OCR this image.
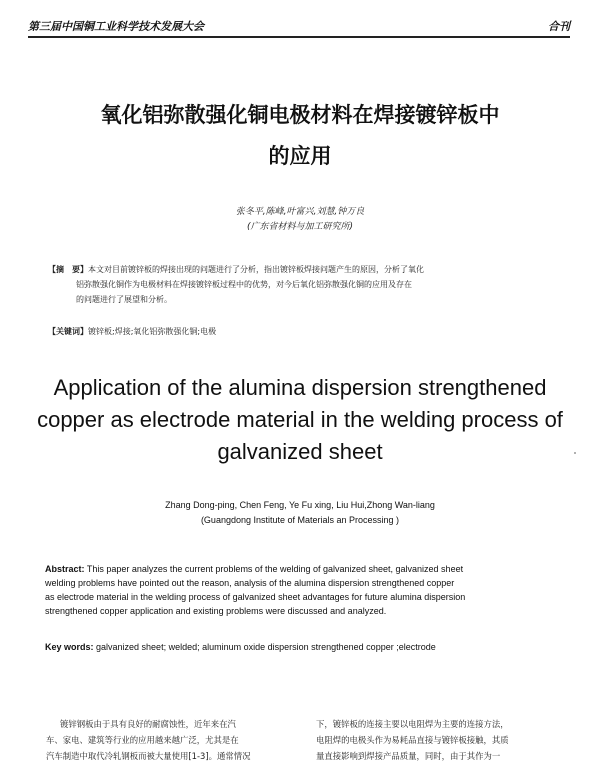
第三届中国铜工业科学技术发展大会	合刊
氧化铝弥散强化铜电极材料在焊接镀锌板中
的应用
张冬平,陈峰,叶富兴,刘慧,钟万良
(广东省材料与加工研究所)
【摘　要】本文对目前镀锌板的焊接出现的问题进行了分析，指出镀锌板焊接问题产生的原因，分析了氧化
铝弥散强化铜作为电极材料在焊接镀锌板过程中的优势，对今后氧化铝弥散强化铜的应用及存在
的问题进行了展望和分析。
【关键词】镀锌板;焊接;氧化铝弥散强化铜;电极
Application of the alumina dispersion strengthened
copper as electrode material in the welding process of
galvanized sheet
Zhang Dong-ping, Chen Feng, Ye Fu xing, Liu Hui,Zhong Wan-liang
(Guangdong Institute of Materials an Processing )
Abstract: This paper analyzes the current problems of the welding of galvanized sheet, galvanized sheet
welding problems have pointed out the reason, analysis of the alumina dispersion strengthened copper
as electrode material in the welding process of galvanized sheet advantages for future alumina dispersion
strengthened copper application and existing problems were discussed and analyzed.
Key words: galvanized sheet; welded; aluminum oxide dispersion strengthened copper ;electrode
镀锌钢板由于具有良好的耐腐蚀性，近年来在汽
车、家电、建筑等行业的应用越来越广泛，尤其是在
汽车制造中取代冷轧钢板而被大量使用[1-3]。通常情况
下，镀锌板的连接主要以电阻焊为主要的连接方法，
电阻焊的电极头作为易耗品直接与镀锌板接触，其质
量直接影响到焊接产品质量，同时，由于其作为一
